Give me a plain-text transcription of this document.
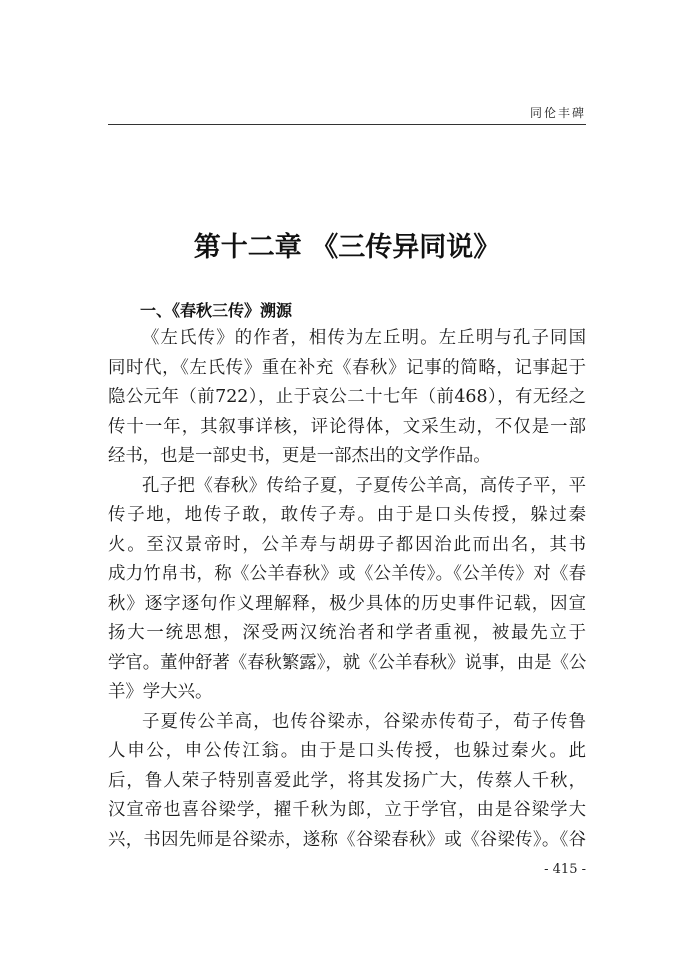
同伦丰碑
第十二章 《三传异同说》
一、《春秋三传》溯源

《左氏传》的作者，相传为左丘明。左丘明与孔子同国
同时代，《左氏传》重在补充《春秋》记事的简略，记事起于
隐公元年（前722），止于哀公二十七年（前468），有无经之
传十一年，其叙事详核，评论得体，文采生动，不仅是一部
经书，也是一部史书，更是一部杰出的文学作品。

孔子把《春秋》传给子夏，子夏传公羊高，高传子平，平
传子地，地传子敢，敢传子寿。由于是口头传授，躲过秦
火。至汉景帝时，公羊寿与胡毋子都因治此而出名，其书
成力竹帛书，称《公羊春秋》或《公羊传》。《公羊传》对《春
秋》逐字逐句作义理解释，极少具体的历史事件记载，因宣
扬大一统思想，深受两汉统治者和学者重视，被最先立于
学官。董仲舒著《春秋繁露》，就《公羊春秋》说事，由是《公
羊》学大兴。

子夏传公羊高，也传谷梁赤，谷梁赤传荀子，荀子传鲁
人申公，申公传江翁。由于是口头传授，也躲过秦火。此
后，鲁人荣子特别喜爱此学，将其发扬广大，传蔡人千秋，
汉宣帝也喜谷梁学，擢千秋为郎，立于学官，由是谷梁学大
兴，书因先师是谷梁赤，遂称《谷梁春秋》或《谷梁传》。《谷

- 415 -
